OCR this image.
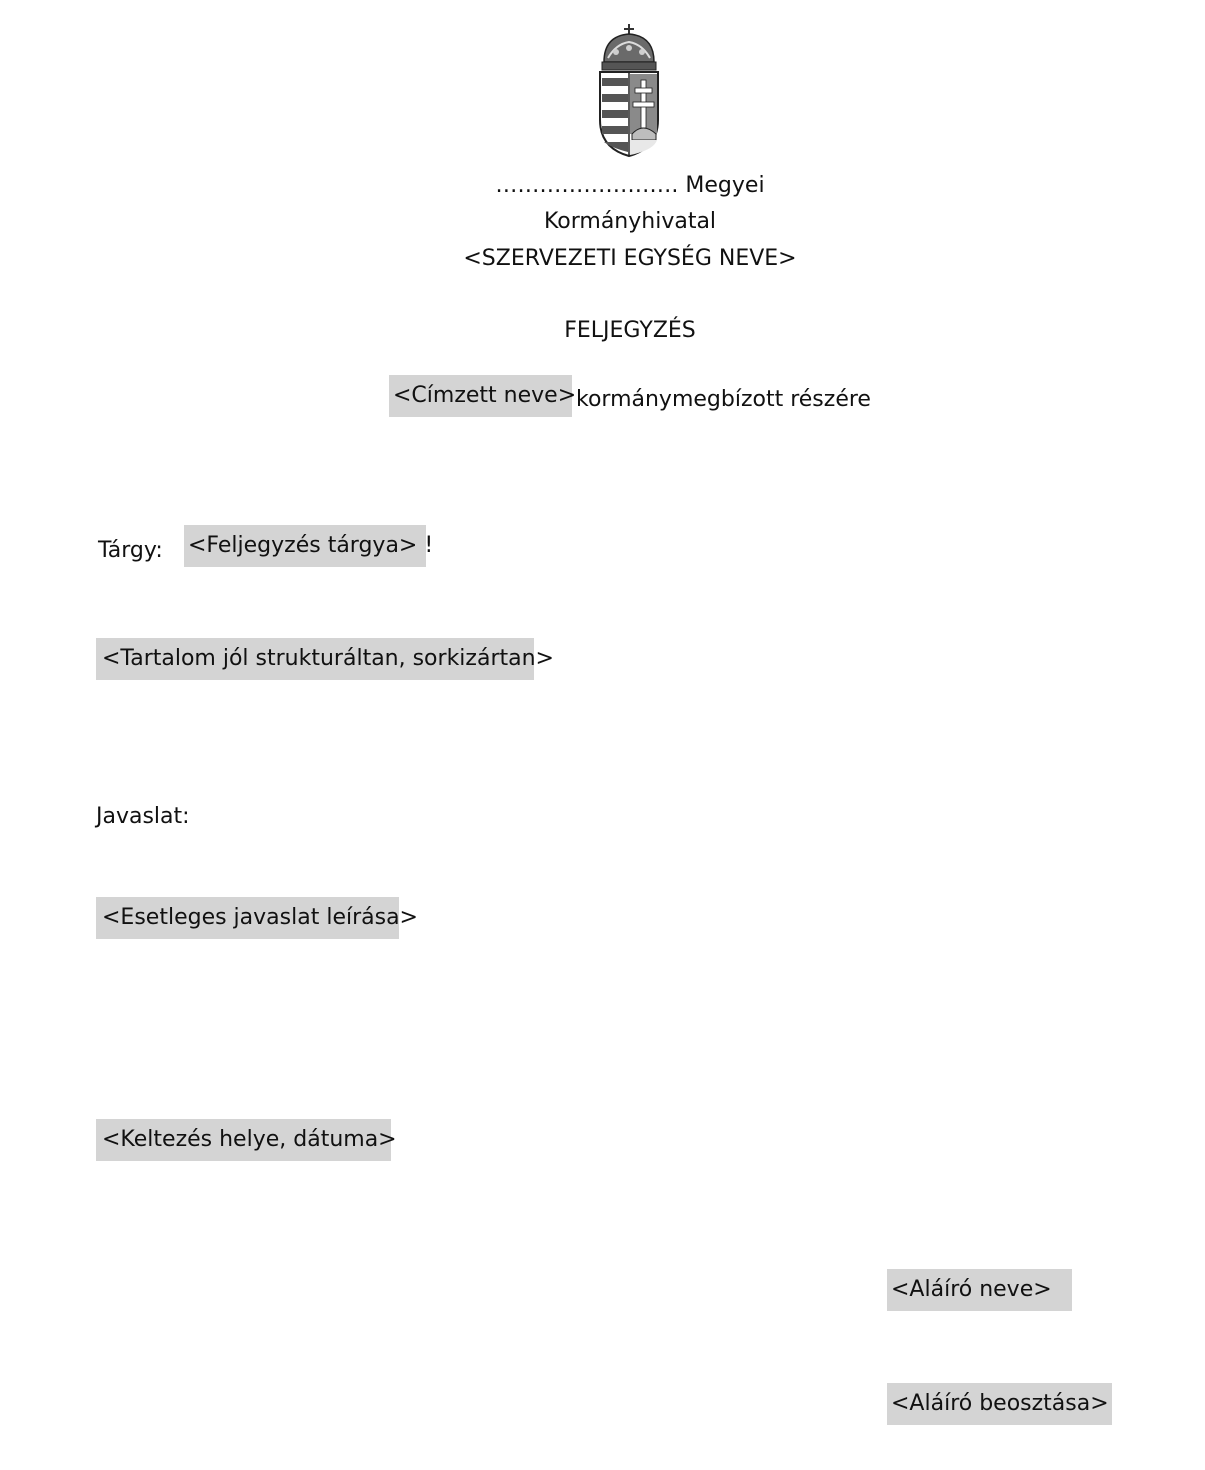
……………………. Megyei
Kormányhivatal
<SZERVEZETI EGYSÉG NEVE>
FELJEGYZÉS
<Címzett neve> kormánymegbízott részére
Tárgy: <Feljegyzés tárgya> !
<Tartalom jól strukturáltan, sorkizártan>
Javaslat:
<Esetleges javaslat leírása>
<Keltezés helye, dátuma>
<Aláíró neve>
<Aláíró beosztása>
